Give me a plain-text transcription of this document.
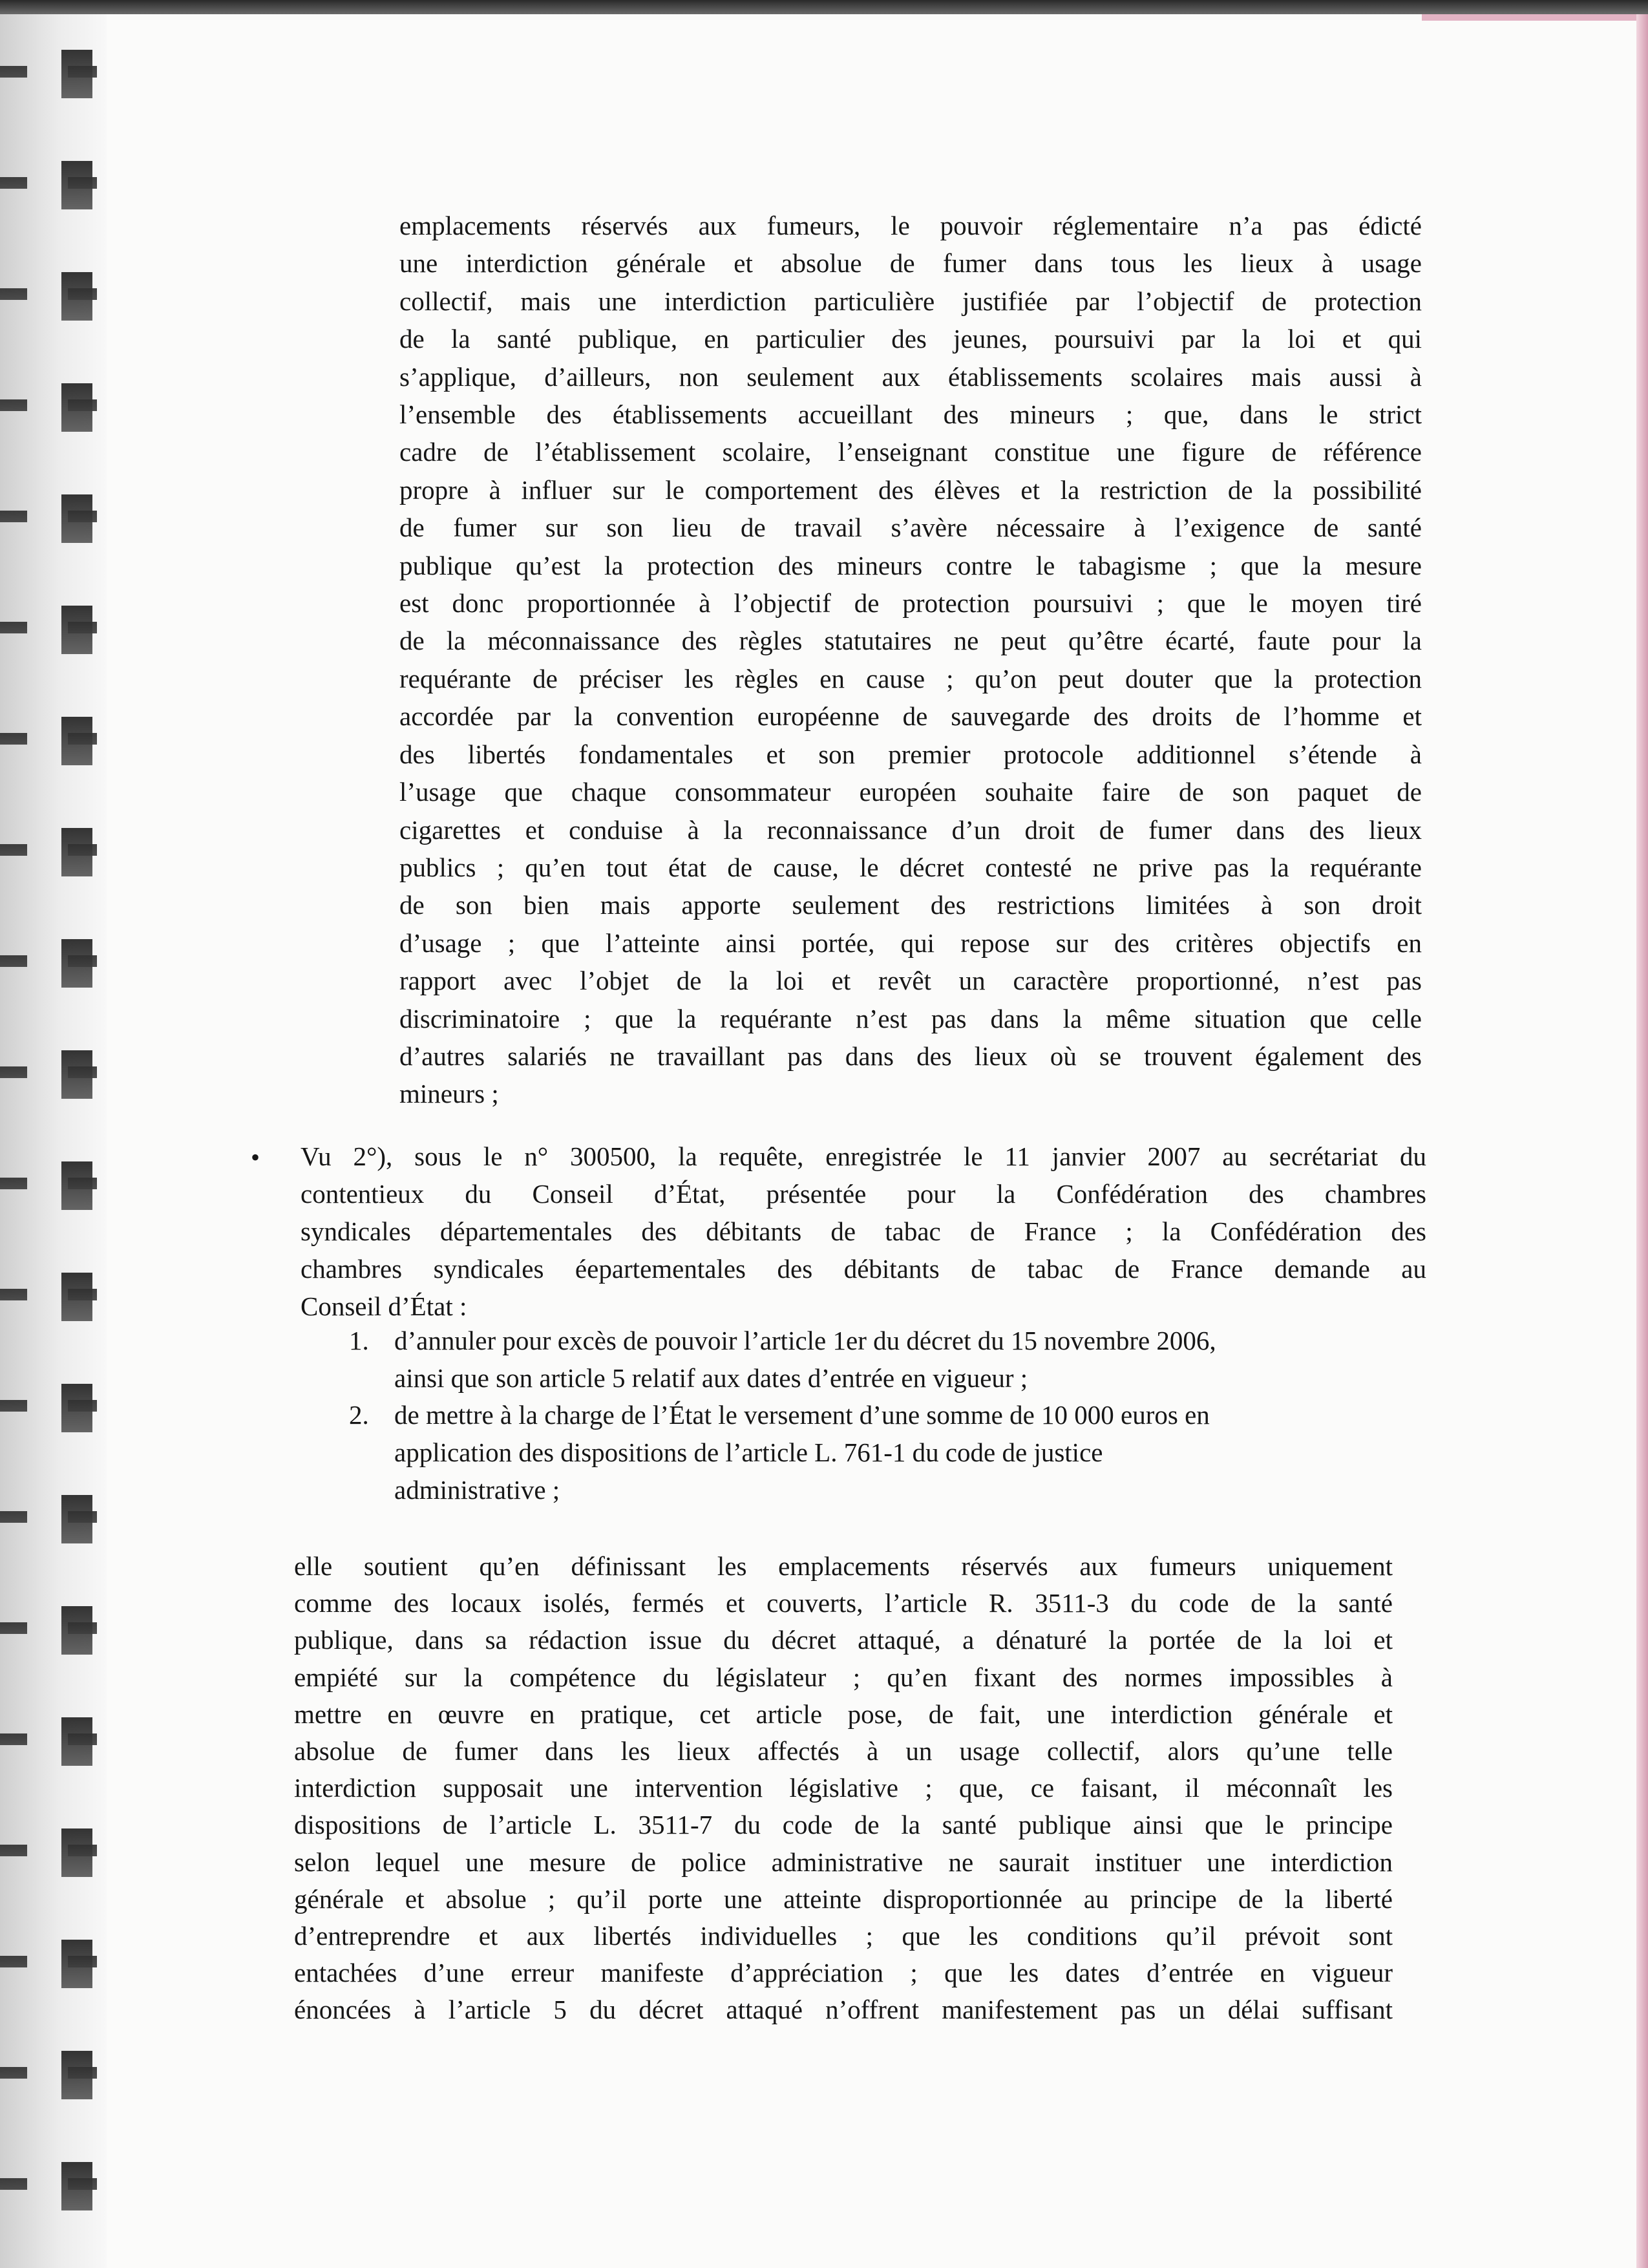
emplacements réservés aux fumeurs, le pouvoir réglementaire n’a pas édicté
une interdiction générale et absolue de fumer dans tous les lieux à usage
collectif, mais une interdiction particulière justifiée par l’objectif de protection
de la santé publique, en particulier des jeunes, poursuivi par la loi et qui
s’applique, d’ailleurs, non seulement aux établissements scolaires mais aussi à
l’ensemble des établissements accueillant des mineurs ; que, dans le strict
cadre de l’établissement scolaire, l’enseignant constitue une figure de référence
propre à influer sur le comportement des élèves et la restriction de la possibilité
de fumer sur son lieu de travail s’avère nécessaire à l’exigence de santé
publique qu’est la protection des mineurs contre le tabagisme ; que la mesure
est donc proportionnée à l’objectif de protection poursuivi ; que le moyen tiré
de la méconnaissance des règles statutaires ne peut qu’être écarté, faute pour la
requérante de préciser les règles en cause ; qu’on peut douter que la protection
accordée par la convention européenne de sauvegarde des droits de l’homme et
des libertés fondamentales et son premier protocole additionnel s’étende à
l’usage que chaque consommateur européen souhaite faire de son paquet de
cigarettes et conduise à la reconnaissance d’un droit de fumer dans des lieux
publics ; qu’en tout état de cause, le décret contesté ne prive pas la requérante
de son bien mais apporte seulement des restrictions limitées à son droit
d’usage ; que l’atteinte ainsi portée, qui repose sur des critères objectifs en
rapport avec l’objet de la loi et revêt un caractère proportionné, n’est pas
discriminatoire ; que la requérante n’est pas dans la même situation que celle
d’autres salariés ne travaillant pas dans des lieux où se trouvent également des
mineurs ;
• Vu 2°), sous le n° 300500, la requête, enregistrée le 11 janvier 2007 au secrétariat du
contentieux du Conseil d’État, présentée pour la Confédération des chambres
syndicales départementales des débitants de tabac de France ; la Confédération des
chambres syndicales éepartementales des débitants de tabac de France demande au
Conseil d’État :
1. d’annuler pour excès de pouvoir l’article 1er du décret du 15 novembre 2006,
ainsi que son article 5 relatif aux dates d’entrée en vigueur ;
2. de mettre à la charge de l’État le versement d’une somme de 10 000 euros en
application des dispositions de l’article L. 761-1 du code de justice
administrative ;
elle soutient qu’en définissant les emplacements réservés aux fumeurs uniquement
comme des locaux isolés, fermés et couverts, l’article R. 3511-3 du code de la santé
publique, dans sa rédaction issue du décret attaqué, a dénaturé la portée de la loi et
empiété sur la compétence du législateur ; qu’en fixant des normes impossibles à
mettre en œuvre en pratique, cet article pose, de fait, une interdiction générale et
absolue de fumer dans les lieux affectés à un usage collectif, alors qu’une telle
interdiction supposait une intervention législative ; que, ce faisant, il méconnaît les
dispositions de l’article L. 3511-7 du code de la santé publique ainsi que le principe
selon lequel une mesure de police administrative ne saurait instituer une interdiction
générale et absolue ; qu’il porte une atteinte disproportionnée au principe de la liberté
d’entreprendre et aux libertés individuelles ; que les conditions qu’il prévoit sont
entachées d’une erreur manifeste d’appréciation ; que les dates d’entrée en vigueur
énoncées à l’article 5 du décret attaqué n’offrent manifestement pas un délai suffisant
